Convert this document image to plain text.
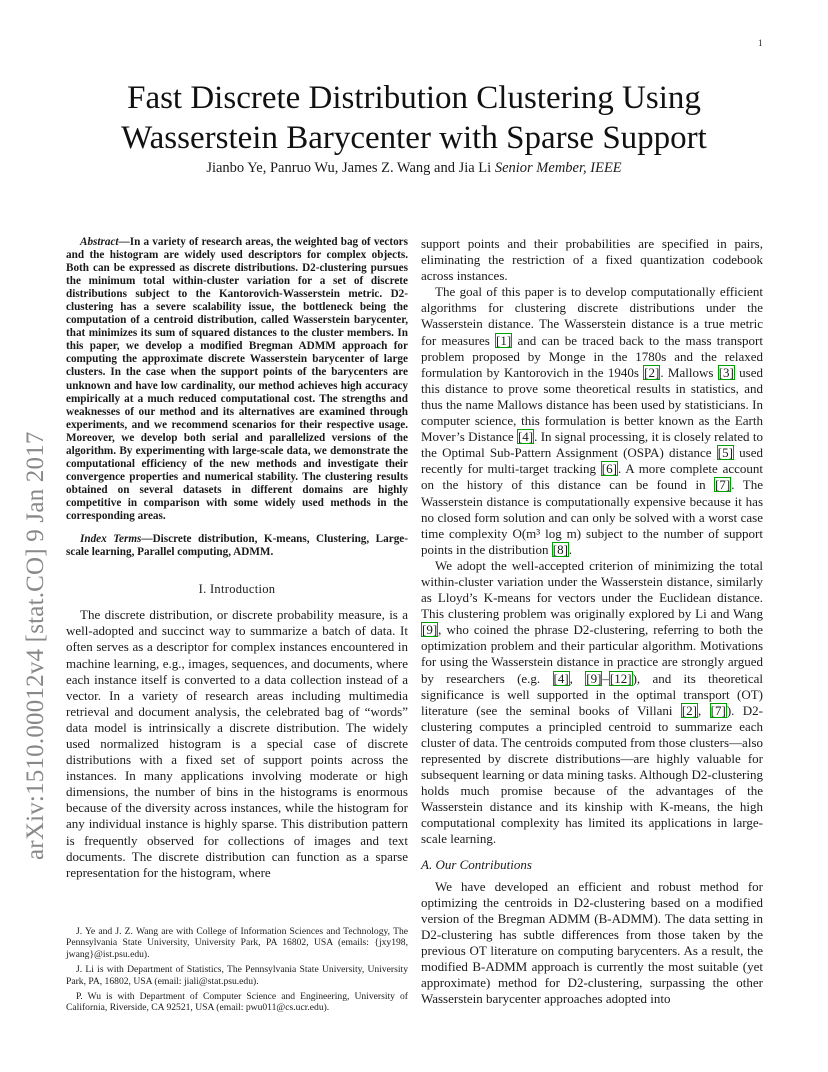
1
arXiv:1510.00012v4 [stat.CO] 9 Jan 2017
Fast Discrete Distribution Clustering Using Wasserstein Barycenter with Sparse Support
Jianbo Ye, Panruo Wu, James Z. Wang and Jia Li Senior Member, IEEE

Abstract—In a variety of research areas, the weighted bag of vectors and the histogram are widely used descriptors for complex objects. Both can be expressed as discrete distributions. D2-clustering pursues the minimum total within-cluster variation for a set of discrete distributions subject to the Kantorovich-Wasserstein metric. D2-clustering has a severe scalability issue, the bottleneck being the computation of a centroid distribution, called Wasserstein barycenter, that minimizes its sum of squared distances to the cluster members. In this paper, we develop a modified Bregman ADMM approach for computing the approximate discrete Wasserstein barycenter of large clusters. In the case when the support points of the barycenters are unknown and have low cardinality, our method achieves high accuracy empirically at a much reduced computational cost. The strengths and weaknesses of our method and its alternatives are examined through experiments, and we recommend scenarios for their respective usage. Moreover, we develop both serial and parallelized versions of the algorithm. By experimenting with large-scale data, we demonstrate the computational efficiency of the new methods and investigate their convergence properties and numerical stability. The clustering results obtained on several datasets in different domains are highly competitive in comparison with some widely used methods in the corresponding areas.

Index Terms—Discrete distribution, K-means, Clustering, Large-scale learning, Parallel computing, ADMM.

I. Introduction

The discrete distribution, or discrete probability measure, is a well-adopted and succinct way to summarize a batch of data. It often serves as a descriptor for complex instances encountered in machine learning, e.g., images, sequences, and documents, where each instance itself is converted to a data collection instead of a vector. In a variety of research areas including multimedia retrieval and document analysis, the celebrated bag of “words” data model is intrinsically a discrete distribution. The widely used normalized histogram is a special case of discrete distributions with a fixed set of support points across the instances. In many applications involving moderate or high dimensions, the number of bins in the histograms is enormous because of the diversity across instances, while the histogram for any individual instance is highly sparse. This distribution pattern is frequently observed for collections of images and text documents. The discrete distribution can function as a sparse representation for the histogram, where

J. Ye and J. Z. Wang are with College of Information Sciences and Technology, The Pennsylvania State University, University Park, PA 16802, USA (emails: {jxy198, jwang}@ist.psu.edu).

J. Li is with Department of Statistics, The Pennsylvania State University, University Park, PA, 16802, USA (email: jiali@stat.psu.edu).

P. Wu is with Department of Computer Science and Engineering, University of California, Riverside, CA 92521, USA (email: pwu011@cs.ucr.edu).

support points and their probabilities are specified in pairs, eliminating the restriction of a fixed quantization codebook across instances.

The goal of this paper is to develop computationally efficient algorithms for clustering discrete distributions under the Wasserstein distance. The Wasserstein distance is a true metric for measures [1] and can be traced back to the mass transport problem proposed by Monge in the 1780s and the relaxed formulation by Kantorovich in the 1940s [2]. Mallows [3] used this distance to prove some theoretical results in statistics, and thus the name Mallows distance has been used by statisticians. In computer science, this formulation is better known as the Earth Mover’s Distance [4]. In signal processing, it is closely related to the Optimal Sub-Pattern Assignment (OSPA) distance [5] used recently for multi-target tracking [6]. A more complete account on the history of this distance can be found in [7]. The Wasserstein distance is computationally expensive because it has no closed form solution and can only be solved with a worst case time complexity O(m³ log m) subject to the number of support points in the distribution [8].

We adopt the well-accepted criterion of minimizing the total within-cluster variation under the Wasserstein distance, similarly as Lloyd’s K-means for vectors under the Euclidean distance. This clustering problem was originally explored by Li and Wang [9], who coined the phrase D2-clustering, referring to both the optimization problem and their particular algorithm. Motivations for using the Wasserstein distance in practice are strongly argued by researchers (e.g. [4], [9]–[12]), and its theoretical significance is well supported in the optimal transport (OT) literature (see the seminal books of Villani [2], [7]). D2-clustering computes a principled centroid to summarize each cluster of data. The centroids computed from those clusters—also represented by discrete distributions—are highly valuable for subsequent learning or data mining tasks. Although D2-clustering holds much promise because of the advantages of the Wasserstein distance and its kinship with K-means, the high computational complexity has limited its applications in large-scale learning.

A. Our Contributions

We have developed an efficient and robust method for optimizing the centroids in D2-clustering based on a modified version of the Bregman ADMM (B-ADMM). The data setting in D2-clustering has subtle differences from those taken by the previous OT literature on computing barycenters. As a result, the modified B-ADMM approach is currently the most suitable (yet approximate) method for D2-clustering, surpassing the other Wasserstein barycenter approaches adopted into
